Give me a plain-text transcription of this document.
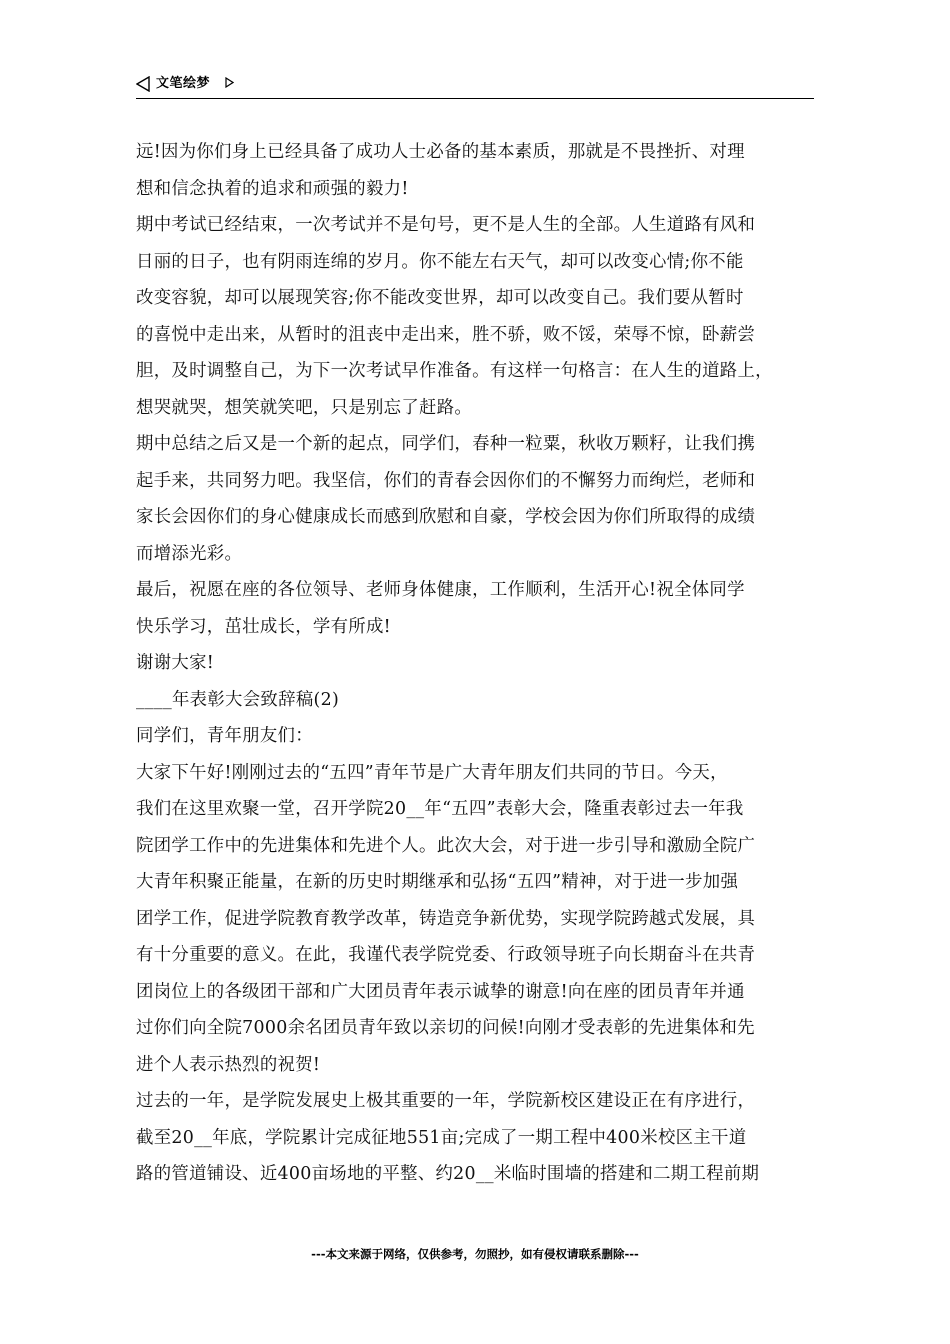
文笔绘梦
远!因为你们身上已经具备了成功人士必备的基本素质，那就是不畏挫折、对理
想和信念执着的追求和顽强的毅力!
期中考试已经结束，一次考试并不是句号，更不是人生的全部。人生道路有风和
日丽的日子，也有阴雨连绵的岁月。你不能左右天气，却可以改变心情;你不能
改变容貌，却可以展现笑容;你不能改变世界，却可以改变自己。我们要从暂时
的喜悦中走出来，从暂时的沮丧中走出来，胜不骄，败不馁，荣辱不惊，卧薪尝
胆，及时调整自己，为下一次考试早作准备。有这样一句格言：在人生的道路上，
想哭就哭，想笑就笑吧，只是别忘了赶路。
期中总结之后又是一个新的起点，同学们，春种一粒粟，秋收万颗籽，让我们携
起手来，共同努力吧。我坚信，你们的青春会因你们的不懈努力而绚烂，老师和
家长会因你们的身心健康成长而感到欣慰和自豪，学校会因为你们所取得的成绩
而增添光彩。
最后，祝愿在座的各位领导、老师身体健康，工作顺利，生活开心!祝全体同学
快乐学习，茁壮成长，学有所成!
谢谢大家!
____年表彰大会致辞稿(2)
同学们，青年朋友们：
大家下午好!刚刚过去的“五四”青年节是广大青年朋友们共同的节日。今天，
我们在这里欢聚一堂，召开学院20__年“五四”表彰大会，隆重表彰过去一年我
院团学工作中的先进集体和先进个人。此次大会，对于进一步引导和激励全院广
大青年积聚正能量，在新的历史时期继承和弘扬“五四”精神，对于进一步加强
团学工作，促进学院教育教学改革，铸造竞争新优势，实现学院跨越式发展，具
有十分重要的意义。在此，我谨代表学院党委、行政领导班子向长期奋斗在共青
团岗位上的各级团干部和广大团员青年表示诚挚的谢意!向在座的团员青年并通
过你们向全院7000余名团员青年致以亲切的问候!向刚才受表彰的先进集体和先
进个人表示热烈的祝贺!
过去的一年，是学院发展史上极其重要的一年，学院新校区建设正在有序进行，
截至20__年底，学院累计完成征地551亩;完成了一期工程中400米校区主干道
路的管道铺设、近400亩场地的平整、约20__米临时围墙的搭建和二期工程前期
---本文来源于网络，仅供参考，勿照抄，如有侵权请联系删除---
